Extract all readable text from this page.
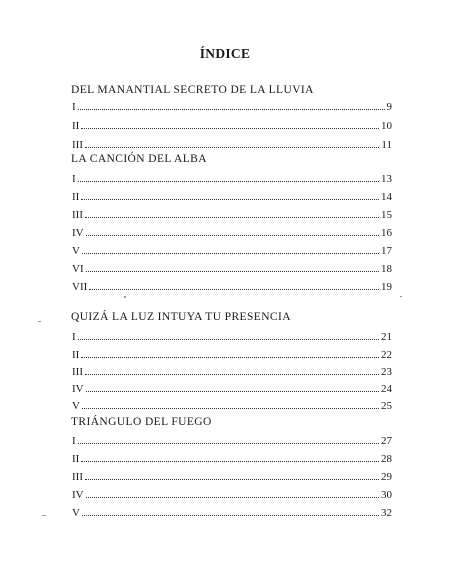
ÍNDICE
DEL MANANTIAL SECRETO DE LA LLUVIA
I	9
II	10
III	11
LA CANCIÓN DEL ALBA
I	13
II	14
III	15
IV	16
V	17
VI	18
VII	19
QUIZÁ LA LUZ INTUYA TU PRESENCIA
I	21
II	22
III	23
IV	24
V	25
TRIÁNGULO DEL FUEGO
I	27
II	28
III	29
IV	30
V	32
